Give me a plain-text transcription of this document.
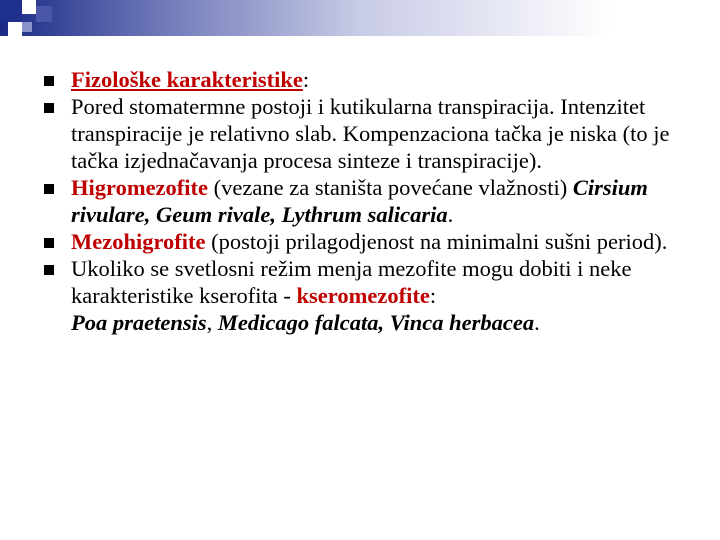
Fizološke karakteristike:

Pored stomatermne postoji i kutikularna transpiracija. Intenzitet transpiracije je relativno slab. Kompenzaciona tačka je niska (to je tačka izjednačavanja procesa sinteze i transpiracije).

Higromezofite (vezane za staništa povećane vlažnosti) Cirsium rivulare, Geum rivale, Lythrum salicaria.

Mezohigrofite (postoji prilagodjenost na minimalni sušni period).

Ukoliko se svetlosni režim menja mezofite mogu dobiti i neke karakteristike kserofita - kseromezofite:
Poa praetensis, Medicago falcata, Vinca herbacea.
